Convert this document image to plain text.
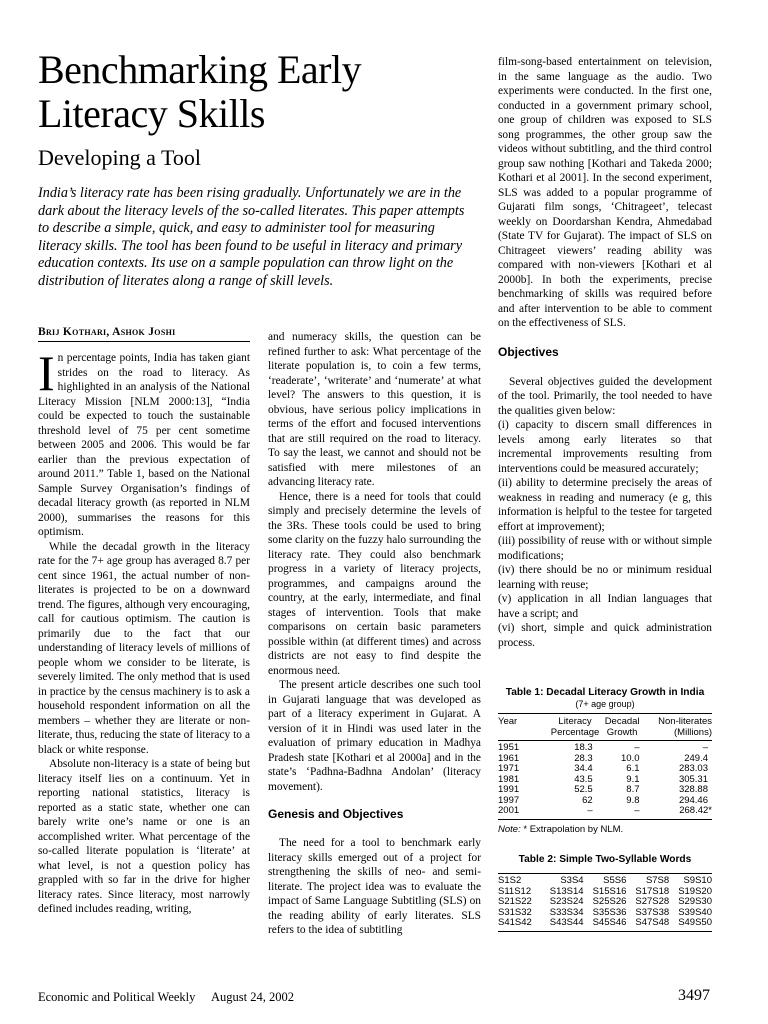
Benchmarking Early Literacy Skills
Developing a Tool

India’s literacy rate has been rising gradually. Unfortunately we are in the dark about the literacy levels of the so-called literates. This paper attempts to describe a simple, quick, and easy to administer tool for measuring literacy skills. The tool has been found to be useful in literacy and primary education contexts. Its use on a sample population can throw light on the distribution of literates along a range of skill levels.

Brij Kothari, Ashok Joshi

In percentage points, India has taken giant strides on the road to literacy. As highlighted in an analysis of the National Literacy Mission [NLM 2000:13], “India could be expected to touch the sustainable threshold level of 75 per cent sometime between 2005 and 2006. This would be far earlier than the previous expectation of around 2011.” Table 1, based on the National Sample Survey Organisation’s findings of decadal literacy growth (as reported in NLM 2000), summarises the reasons for this optimism.

While the decadal growth in the literacy rate for the 7+ age group has averaged 8.7 per cent since 1961, the actual number of non-literates is projected to be on a downward trend. The figures, although very encouraging, call for cautious optimism. The caution is primarily due to the fact that our understanding of literacy levels of millions of people whom we consider to be literate, is severely limited. The only method that is used in practice by the census machinery is to ask a household respondent information on all the members – whether they are literate or non-literate, thus, reducing the state of literacy to a black or white response.

Absolute non-literacy is a state of being but literacy itself lies on a continuum. Yet in reporting national statistics, literacy is reported as a static state, whether one can barely write one’s name or one is an accomplished writer. What percentage of the so-called literate population is ‘literate’ at what level, is not a question policy has grappled with so far in the drive for higher literacy rates. Since literacy, most narrowly defined includes reading, writing,

and numeracy skills, the question can be refined further to ask: What percentage of the literate population is, to coin a few terms, ‘readerate’, ‘writerate’ and ‘numerate’ at what level? The answers to this question, it is obvious, have serious policy implications in terms of the effort and focused interventions that are still required on the road to literacy. To say the least, we cannot and should not be satisfied with mere milestones of an advancing literacy rate.

Hence, there is a need for tools that could simply and precisely determine the levels of the 3Rs. These tools could be used to bring some clarity on the fuzzy halo surrounding the literacy rate. They could also benchmark progress in a variety of literacy projects, programmes, and campaigns around the country, at the early, intermediate, and final stages of intervention. Tools that make comparisons on certain basic parameters possible within (at different times) and across districts are not easy to find despite the enormous need.

The present article describes one such tool in Gujarati language that was developed as part of a literacy experiment in Gujarat. A version of it in Hindi was used later in the evaluation of primary education in Madhya Pradesh state [Kothari et al 2000a] and in the state’s ‘Padhna-Badhna Andolan’ (literacy movement).

Genesis and Objectives

The need for a tool to benchmark early literacy skills emerged out of a project for strengthening the skills of neo- and semi-literate. The project idea was to evaluate the impact of Same Language Subtitling (SLS) on the reading ability of early literates. SLS refers to the idea of subtitling

film-song-based entertainment on television, in the same language as the audio. Two experiments were conducted. In the first one, conducted in a government primary school, one group of children was exposed to SLS song programmes, the other group saw the videos without subtitling, and the third control group saw nothing [Kothari and Takeda 2000; Kothari et al 2001]. In the second experiment, SLS was added to a popular programme of Gujarati film songs, ‘Chitrageet’, telecast weekly on Doordarshan Kendra, Ahmedabad (State TV for Gujarat). The impact of SLS on Chitrageet viewers’ reading ability was compared with non-viewers [Kothari et al 2000b]. In both the experiments, precise benchmarking of skills was required before and after intervention to be able to comment on the effectiveness of SLS.

Objectives

Several objectives guided the development of the tool. Primarily, the tool needed to have the qualities given below:

(i) capacity to discern small differences in levels among early literates so that incremental improvements resulting from interventions could be measured accurately;

(ii) ability to determine precisely the areas of weakness in reading and numeracy (e g, this information is helpful to the testee for targeted effort at improvement);

(iii) possibility of reuse with or without simple modifications;

(iv) there should be no or minimum residual learning with reuse;

(v) application in all Indian languages that have a script; and

(vi) short, simple and quick administration process.

Table 1: Decadal Literacy Growth in India
(7+ age group)
Year	Literacy Percentage	Decadal Growth	Non-literates (Millions)
1951	18.3	–	–
1961	28.3	10.0	249.4
1971	34.4	6.1	283.03
1981	43.5	9.1	305.31
1991	52.5	8.7	328.88
1997	62	9.8	294.46
2001	–	–	268.42*
Note: * Extrapolation by NLM.
Table 2: Simple Two-Syllable Words
S1S2	S3S4	S5S6	S7S8	S9S10
S11S12	S13S14	S15S16	S17S18	S19S20
S21S22	S23S24	S25S26	S27S28	S29S30
S31S32	S33S34	S35S36	S37S38	S39S40
S41S42	S43S44	S45S46	S47S48	S49S50
Economic and Political Weekly August 24, 2002	3497
